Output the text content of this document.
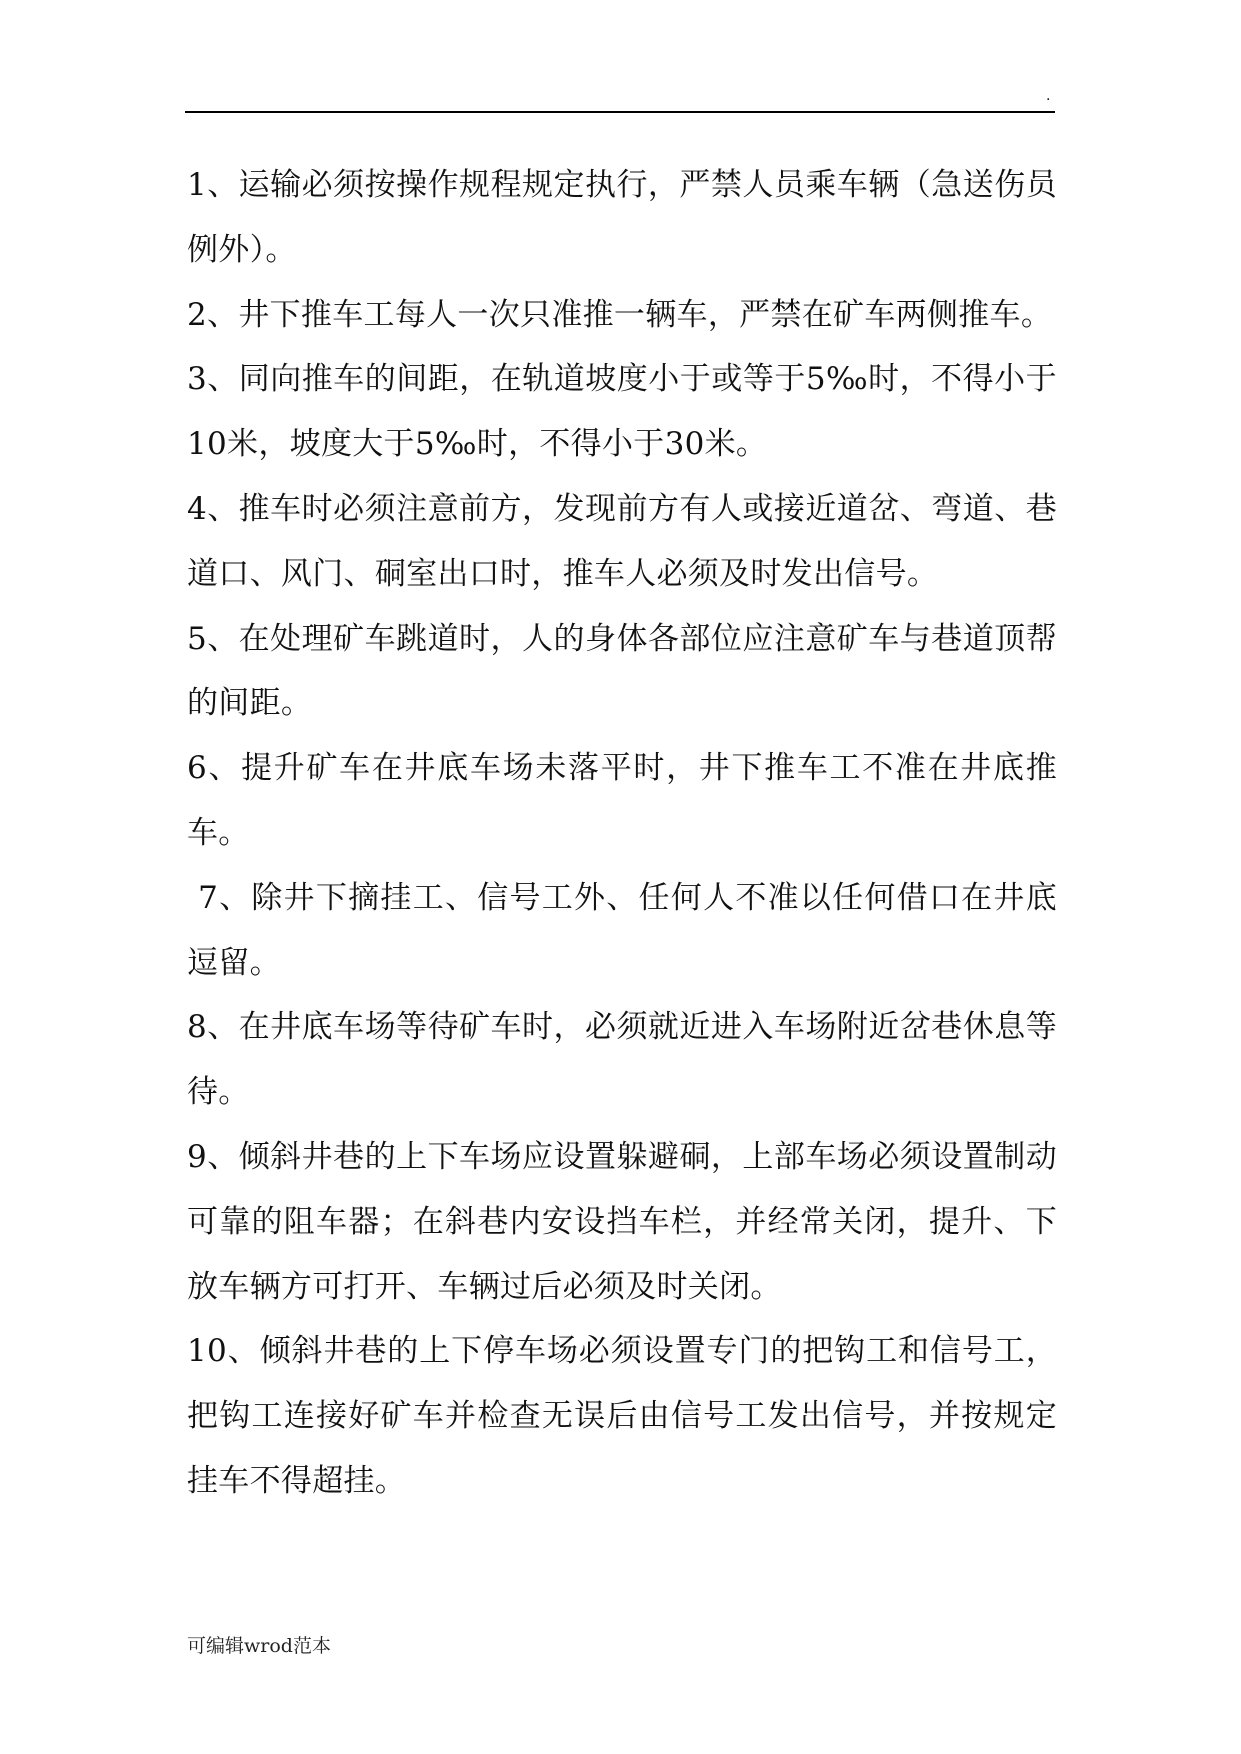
.

1、运输必须按操作规程规定执行，严禁人员乘车辆（急送伤员例外）。

2、井下推车工每人一次只准推一辆车，严禁在矿车两侧推车。

3、同向推车的间距，在轨道坡度小于或等于5‰时，不得小于10米，坡度大于5‰时，不得小于30米。

4、推车时必须注意前方，发现前方有人或接近道岔、弯道、巷道口、风门、硐室出口时，推车人必须及时发出信号。

5、在处理矿车跳道时，人的身体各部位应注意矿车与巷道顶帮的间距。

6、提升矿车在井底车场未落平时，井下推车工不准在井底推车。

7、除井下摘挂工、信号工外、任何人不准以任何借口在井底逗留。

8、在井底车场等待矿车时，必须就近进入车场附近岔巷休息等待。

9、倾斜井巷的上下车场应设置躲避硐，上部车场必须设置制动可靠的阻车器；在斜巷内安设挡车栏，并经常关闭，提升、下放车辆方可打开、车辆过后必须及时关闭。

10、倾斜井巷的上下停车场必须设置专门的把钩工和信号工，把钩工连接好矿车并检查无误后由信号工发出信号，并按规定挂车不得超挂。

可编辑wrod范本
